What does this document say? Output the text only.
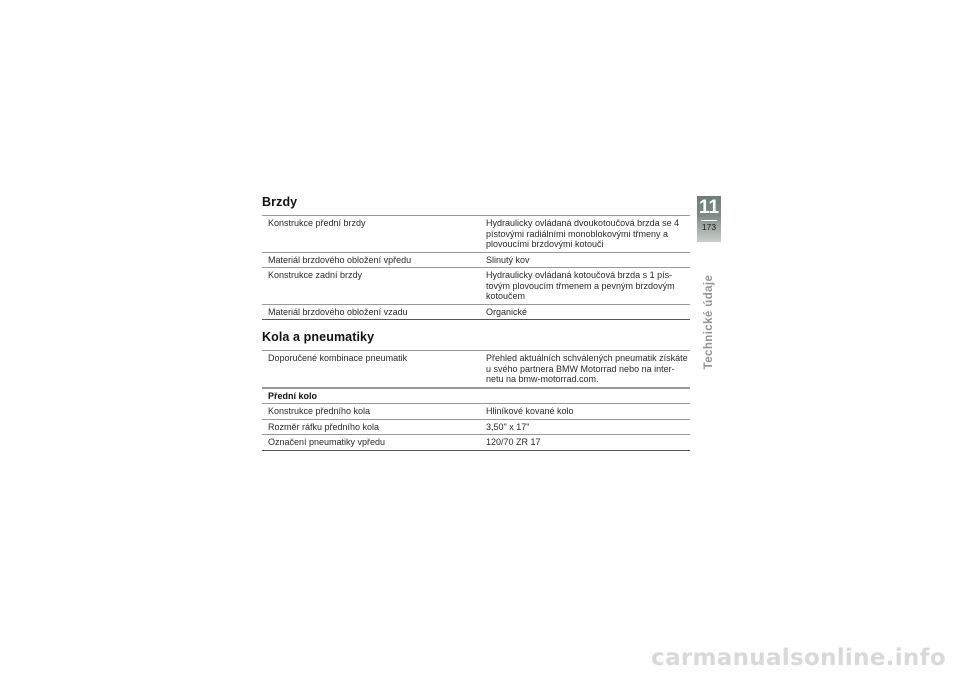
Brzdy
Konstrukce přední brzdy	Hydraulicky ovládaná dvoukotoučová brzda se 4 pístovými radiálními monoblokovými třmeny a plovoucími brzdovými kotouči
Materiál brzdového obložení vpředu	Slinutý kov
Konstrukce zadní brzdy	Hydraulicky ovládaná kotoučová brzda s 1 pís-tovým plovoucím třmenem a pevným brzdovým kotoučem
Materiál brzdového obložení vzadu	Organické
Kola a pneumatiky
Doporučené kombinace pneumatik	Přehled aktuálních schválených pneumatik získáte u svého partnera BMW Motorrad nebo na inter-netu na bmw-motorrad.com.
Přední kolo	
Konstrukce předního kola	Hliníkové kované kolo
Rozměr ráfku předního kola	3,50" x 17"
Označení pneumatiky vpředu	120/70 ZR 17
11
173
Technické údaje
carmanualsonline.info
